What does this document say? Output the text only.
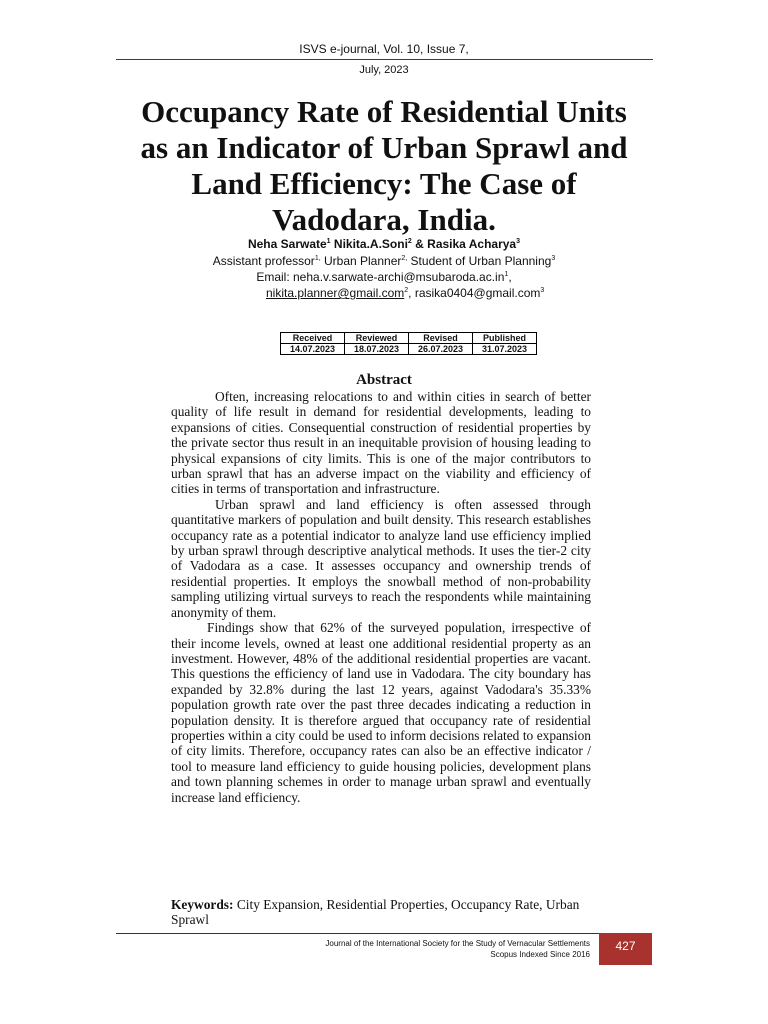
ISVS e-journal, Vol. 10, Issue 7,
July, 2023
Occupancy Rate of Residential Units
as an Indicator of Urban Sprawl and
Land Efficiency: The Case of
Vadodara, India.
Neha Sarwate$^1$ Nikita.A.Soni$^2$ & Rasika Acharya$^3$
Assistant professor$^{1,}$ Urban Planner$^{2,}$ Student of Urban Planning$^3$
Email: $neha.v.sarwate-archi@msubaroda.ac.in^1$,
nikita.planner@gmail.com$^2$, rasika0404@gmail.com$^3$
Received	Reviewed	Revised	Published
14.07.2023	18.07.2023	26.07.2023	31.07.2023
Abstract

Often, increasing relocations to and within cities in search of better quality of life result in demand for residential developments, leading to expansions of cities. Consequential construction of residential properties by the private sector thus result in an inequitable provision of housing leading to physical expansions of city limits. This is one of the major contributors to urban sprawl that has an adverse impact on the viability and efficiency of cities in terms of transportation and infrastructure.

Urban sprawl and land efficiency is often assessed through quantitative markers of population and built density. This research establishes occupancy rate as a potential indicator to analyze land use efficiency implied by urban sprawl through descriptive analytical methods. It uses the tier-2 city of Vadodara as a case. It assesses occupancy and ownership trends of residential properties. It employs the snowball method of non-probability sampling utilizing virtual surveys to reach the respondents while maintaining anonymity of them.

Findings show that 62% of the surveyed population, irrespective of their income levels, owned at least one additional residential property as an investment. However, 48% of the additional residential properties are vacant. This questions the efficiency of land use in Vadodara. The city boundary has expanded by 32.8% during the last 12 years, against Vadodara's 35.33% population growth rate over the past three decades indicating a reduction in population density. It is therefore argued that occupancy rate of residential properties within a city could be used to inform decisions related to expansion of city limits. Therefore, occupancy rates can also be an effective indicator / tool to measure land efficiency to guide housing policies, development plans and town planning schemes in order to manage urban sprawl and eventually increase land efficiency.

Keywords: City Expansion, Residential Properties, Occupancy Rate, Urban Sprawl
Journal of the International Society for the Study of Vernacular Settlements
Scopus Indexed Since 2016
427
